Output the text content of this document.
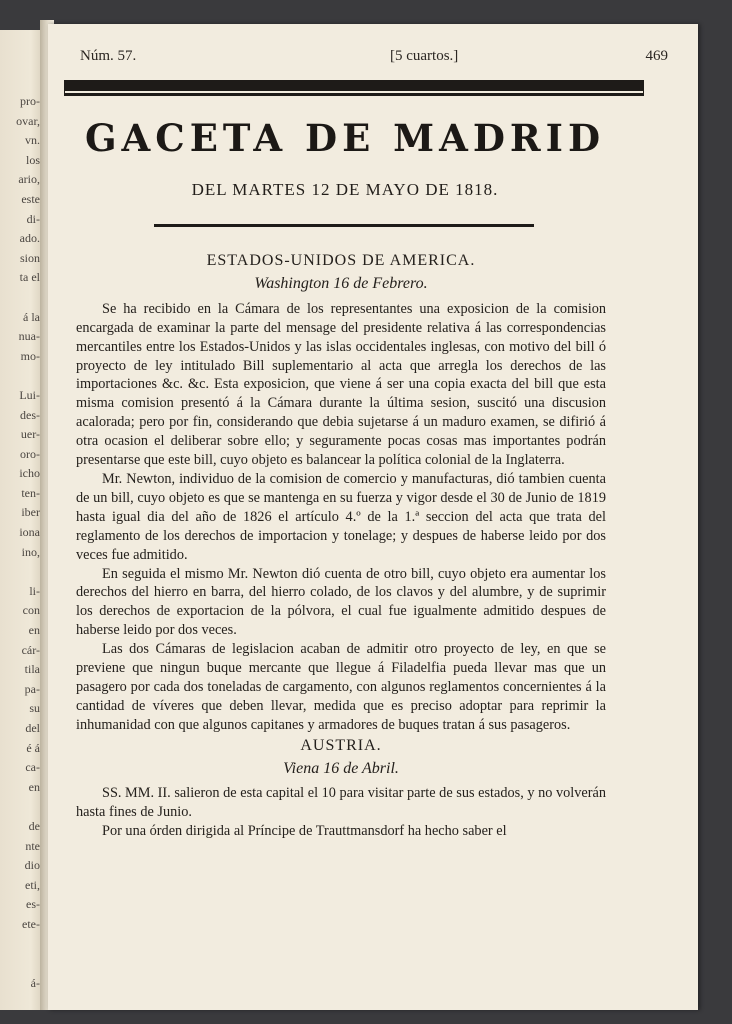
pro-
ovar,
vn.
los
ario,
este
di-
ado.
sion
ta el

á la
nua-
mo-

Lui-
des-
uer-
oro-
icho
ten-
iber
iona
ino,

li-
con
en
cár-
tila
pa-
su
del
é á
ca-
en

de
nte
dio
eti,
es-
ete-

á-
Núm. 57.	[5 cuartos.]	469
GACETA DE MADRID
DEL MARTES 12 DE MAYO DE 1818.
ESTADOS-UNIDOS DE AMERICA.
Washington 16 de Febrero.

Se ha recibido en la Cámara de los representantes una exposicion de la comision encargada de examinar la parte del mensage del presidente relativa á las correspondencias mercantiles entre los Estados-Unidos y las islas occidentales inglesas, con motivo del bill ó proyecto de ley intitulado Bill suplementario al acta que arregla los derechos de las importaciones &c. &c. Esta exposicion, que viene á ser una copia exacta del bill que esta misma comision presentó á la Cámara durante la última sesion, suscitó una discusion acalorada; pero por fin, considerando que debia sujetarse á un maduro examen, se difirió á otra ocasion el deliberar sobre ello; y seguramente pocas cosas mas importantes podrán presentarse que este bill, cuyo objeto es balancear la política colonial de la Inglaterra.

Mr. Newton, individuo de la comision de comercio y manufacturas, dió tambien cuenta de un bill, cuyo objeto es que se mantenga en su fuerza y vigor desde el 30 de Junio de 1819 hasta igual dia del año de 1826 el artículo 4.º de la 1.ª seccion del acta que trata del reglamento de los derechos de importacion y tonelage; y despues de haberse leido por dos veces fue admitido.

En seguida el mismo Mr. Newton dió cuenta de otro bill, cuyo objeto era aumentar los derechos del hierro en barra, del hierro colado, de los clavos y del alumbre, y de suprimir los derechos de exportacion de la pólvora, el cual fue igualmente admitido despues de haberse leido por dos veces.

Las dos Cámaras de legislacion acaban de admitir otro proyecto de ley, en que se previene que ningun buque mercante que llegue á Filadelfia pueda llevar mas que un pasagero por cada dos toneladas de cargamento, con algunos reglamentos concernientes á la cantidad de víveres que deben llevar, medida que es preciso adoptar para reprimir la inhumanidad con que algunos capitanes y armadores de buques tratan á sus pasageros.

AUSTRIA.
Viena 16 de Abril.

SS. MM. II. salieron de esta capital el 10 para visitar parte de sus estados, y no volverán hasta fines de Junio.

Por una órden dirigida al Príncipe de Trauttmansdorf ha hecho saber el
